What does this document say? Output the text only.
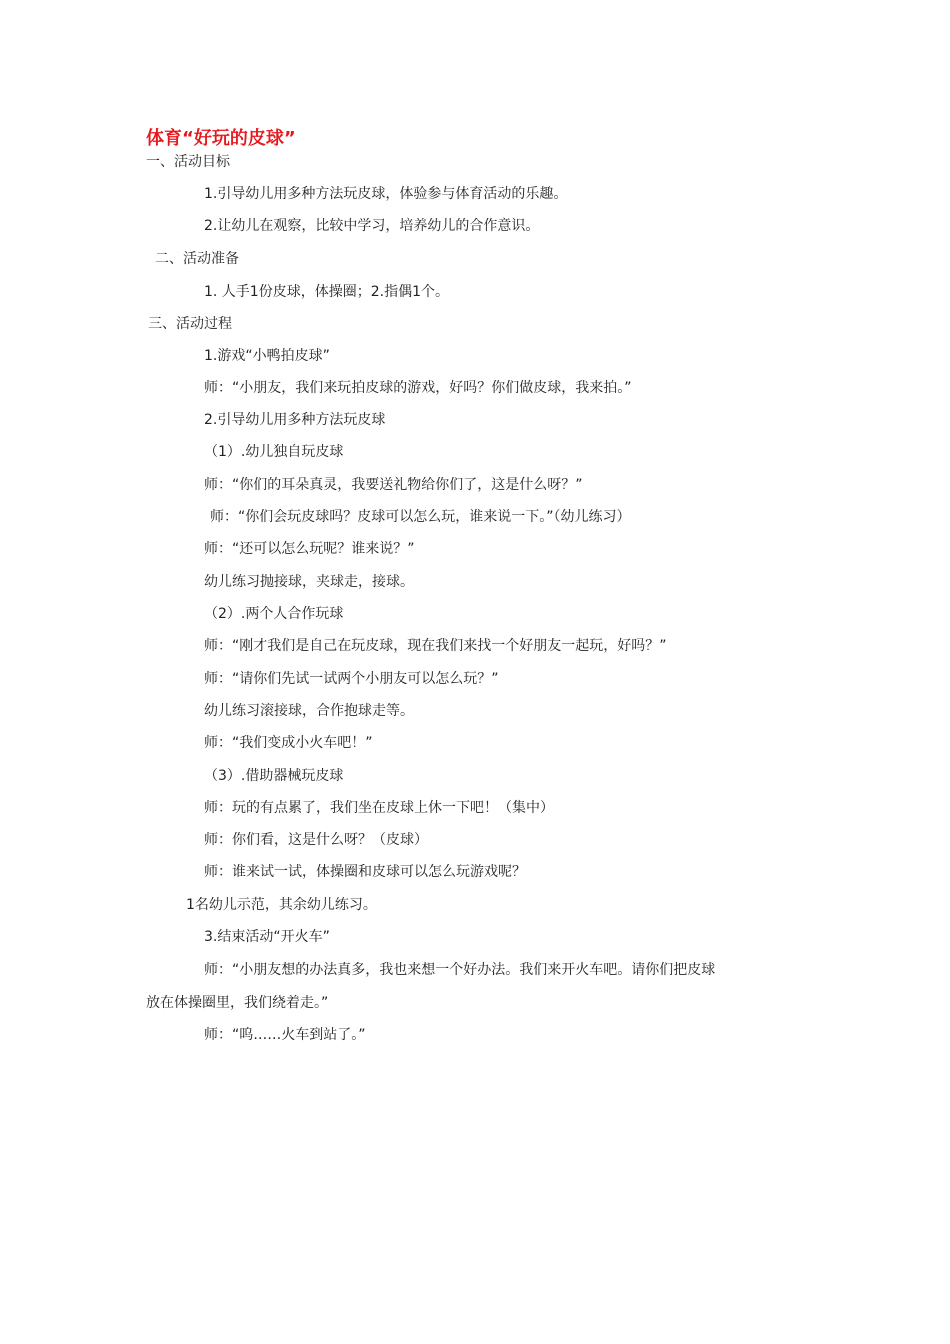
体育“好玩的皮球”
一、活动目标
1.引导幼儿用多种方法玩皮球，体验参与体育活动的乐趣。
2.让幼儿在观察，比较中学习，培养幼儿的合作意识。
二、活动准备
1. 人手1份皮球，体操圈；2.指偶1个。
三、活动过程
1.游戏“小鸭拍皮球”
师：“小朋友，我们来玩拍皮球的游戏，好吗？你们做皮球，我来拍。”
2.引导幼儿用多种方法玩皮球
（1）.幼儿独自玩皮球
师：“你们的耳朵真灵，我要送礼物给你们了，这是什么呀？”
师：“你们会玩皮球吗？皮球可以怎么玩，谁来说一下。”（幼儿练习）
师：“还可以怎么玩呢？谁来说？”
幼儿练习抛接球，夹球走，接球。
（2）.两个人合作玩球
师：“刚才我们是自己在玩皮球，现在我们来找一个好朋友一起玩，好吗？”
师：“请你们先试一试两个小朋友可以怎么玩？”
幼儿练习滚接球，合作抱球走等。
师：“我们变成小火车吧！”
（3）.借助器械玩皮球
师：玩的有点累了，我们坐在皮球上休一下吧！（集中）
师：你们看，这是什么呀？（皮球）
师：谁来试一试，体操圈和皮球可以怎么玩游戏呢？
1名幼儿示范，其余幼儿练习。
3.结束活动“开火车”
师：“小朋友想的办法真多，我也来想一个好办法。我们来开火车吧。请你们把皮球
放在体操圈里，我们绕着走。”
师：“呜……火车到站了。”
